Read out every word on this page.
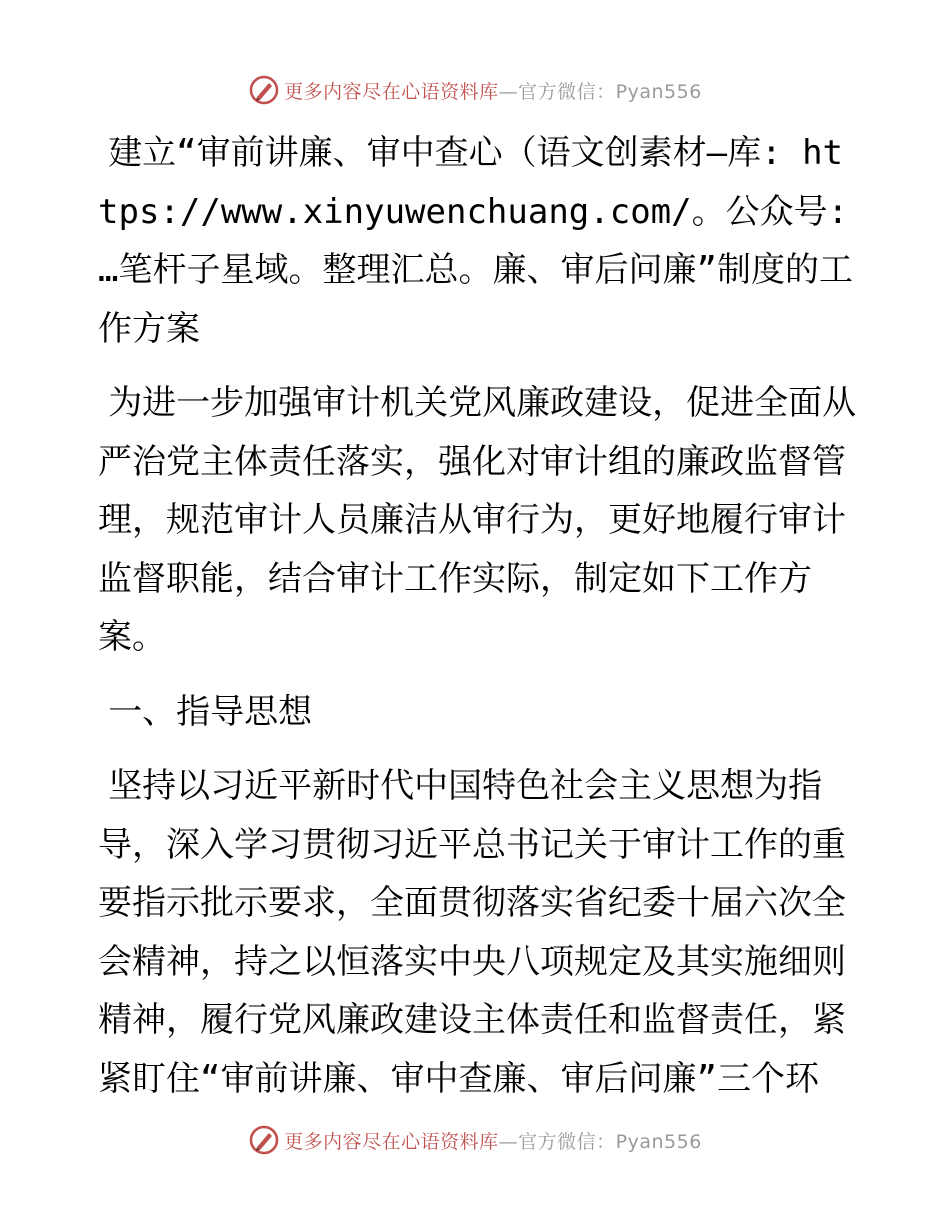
更多内容尽在心语资料库—官方微信：Pyan556

建立“审前讲廉、审中查心（语文创素材—库: https://www.xinyuwenchuang.com/。公众号: …笔杆子星域。整理汇总。廉、审后问廉”制度的工作方案

为进一步加强审计机关党风廉政建设，促进全面从严治党主体责任落实，强化对审计组的廉政监督管理，规范审计人员廉洁从审行为，更好地履行审计监督职能，结合审计工作实际，制定如下工作方案。

一、指导思想

坚持以习近平新时代中国特色社会主义思想为指导，深入学习贯彻习近平总书记关于审计工作的重要指示批示要求，全面贯彻落实省纪委十届六次全会精神，持之以恒落实中央八项规定及其实施细则精神，履行党风廉政建设主体责任和监督责任，紧紧盯住“审前讲廉、审中查廉、审后问廉”三个环

更多内容尽在心语资料库—官方微信：Pyan556
